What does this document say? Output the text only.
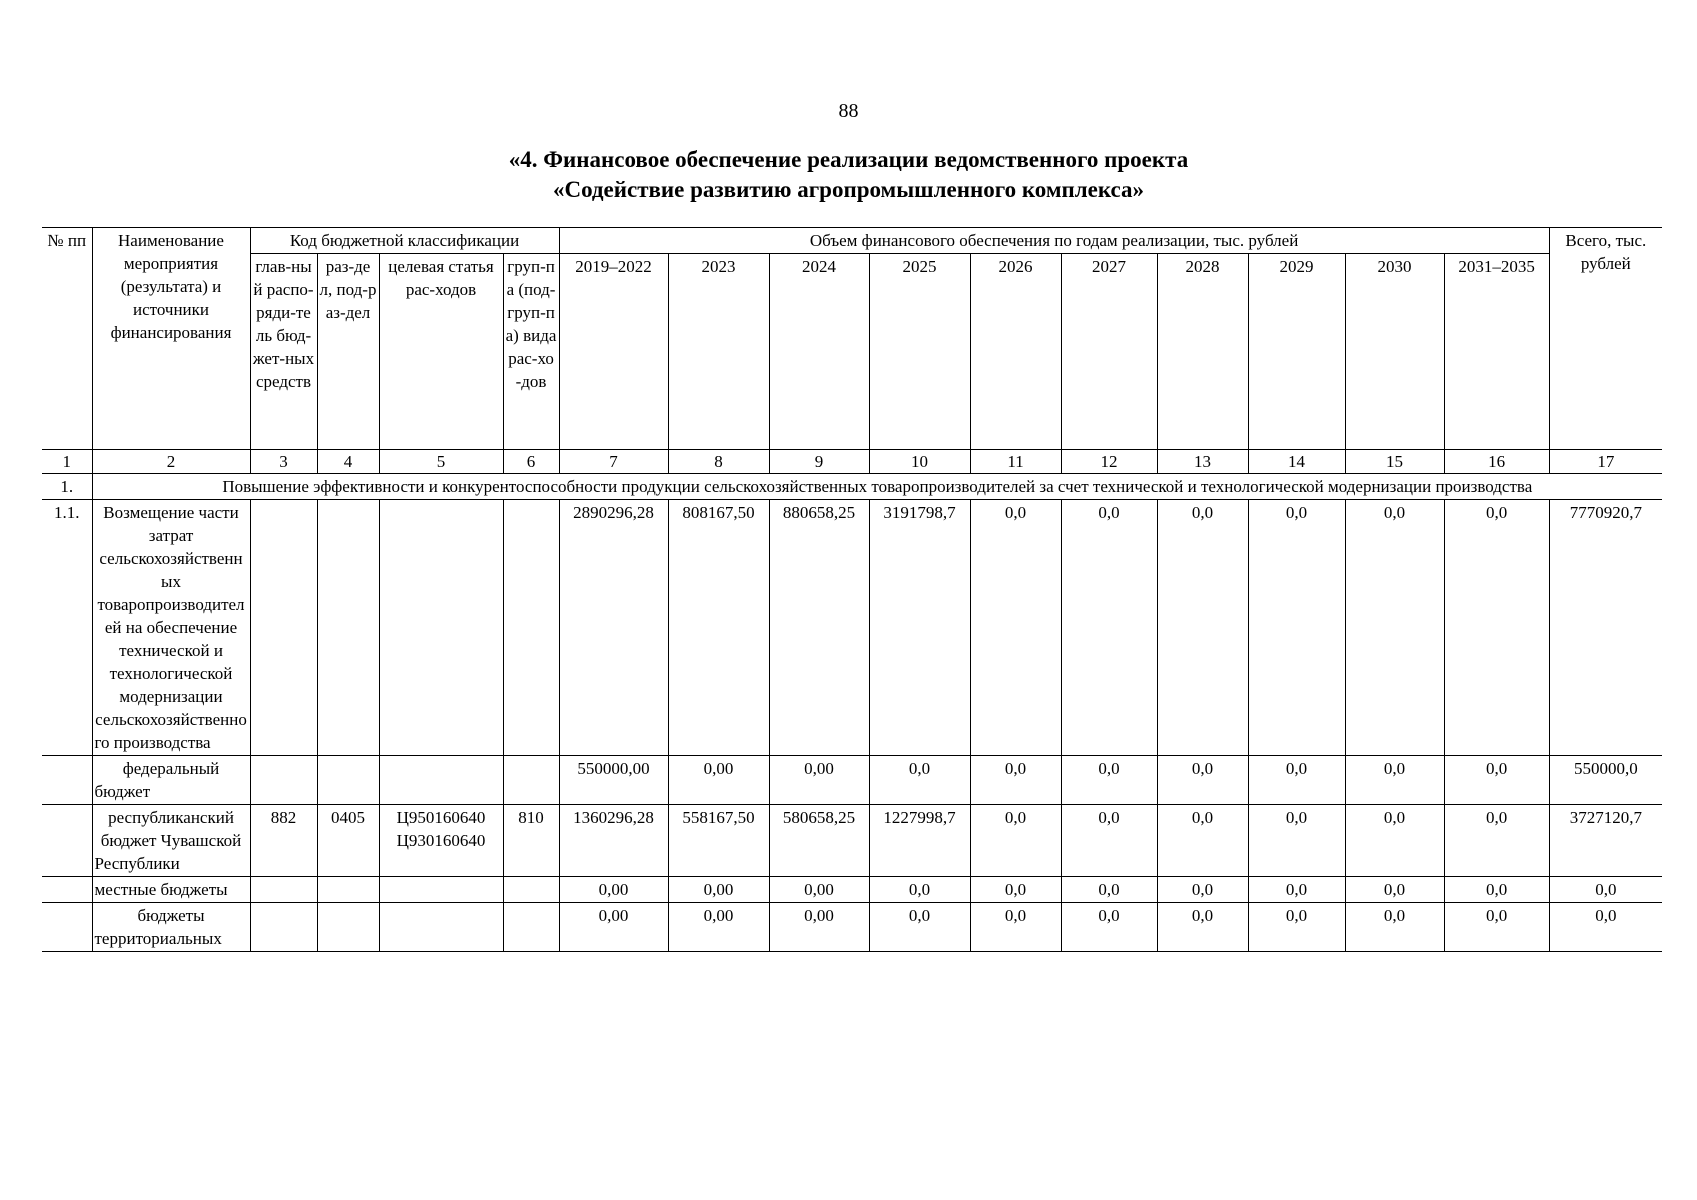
88
«4. Финансовое обеспечение реализации ведомственного проекта
«Содействие развитию агропромышленного комплекса»
№ пп	Наименование мероприятия (результата) и источники финансирования	Код бюджетной классификации				Объем финансового обеспечения по годам реализации, тыс. рублей										Всего, тыс. рублей
		глав-ный распо-ряди-тель бюд-жет-ных средств	раз-дел, под-раз-дел	целевая статья рас-ходов	груп-па (под-груп-па) вида рас-хо-дов	2019–2022	2023	2024	2025	2026	2027	2028	2029	2030	2031–2035	
1	2	3	4	5	6	7	8	9	10	11	12	13	14	15	16	17
1.	Повышение эффективности и конкурентоспособности продукции сельскохозяйственных товаропроизводителей за счет технической и технологической модернизации производства															
1.1.	Возмещение части затрат сельскохозяйственных товаропроизводителей на обеспечение технической и технологической модернизации сельскохозяйственного производства					2890296,28	808167,50	880658,25	3191798,7	0,0	0,0	0,0	0,0	0,0	0,0	7770920,7
	федеральный бюджет					550000,00	0,00	0,00	0,0	0,0	0,0	0,0	0,0	0,0	0,0	550000,0
	республиканский бюджет Чувашской Республики	882	0405	Ц950160640 Ц930160640	810	1360296,28	558167,50	580658,25	1227998,7	0,0	0,0	0,0	0,0	0,0	0,0	3727120,7
	местные бюджеты					0,00	0,00	0,00	0,0	0,0	0,0	0,0	0,0	0,0	0,0	0,0
	бюджеты территориальных					0,00	0,00	0,00	0,0	0,0	0,0	0,0	0,0	0,0	0,0	0,0
